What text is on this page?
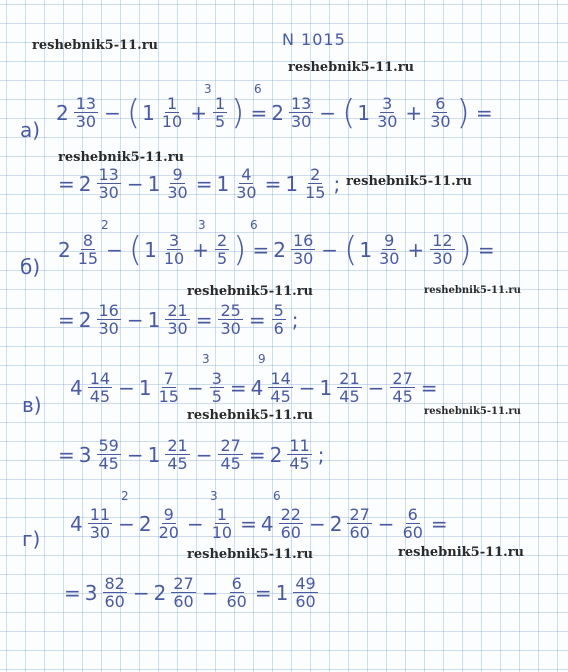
N 1015
reshebnik5-11.ru
reshebnik5-11.ru
reshebnik5-11.ru
reshebnik5-11.ru
reshebnik5-11.ru	reshebnik5-11.ru
reshebnik5-11.ru	reshebnik5-11.ru
reshebnik5-11.ru	reshebnik5-11.ru
а)
б)
в)
г)
3	6
2	3	6
3	9
2	3	6
$2 \frac{13}{30}$ − ( $1 \frac{1}{10} + \frac{1}{5}$ ) = $2 \frac{13}{30}$ − ( $1 \frac{3}{30} + \frac{6}{30}$ ) =
= $2 \frac{13}{30} - 1 \frac{9}{30} = 1 \frac{4}{30} = 1 \frac{2}{15}$ ;
$2 \frac{8}{15}$ − ( $1 \frac{3}{10} + \frac{2}{5}$ ) = $2 \frac{16}{30}$ − ( $1 \frac{9}{30} + \frac{12}{30}$ ) =
= $2 \frac{16}{30} - 1 \frac{21}{30} = \frac{25}{30} = \frac{5}{6}$ ;
$4 \frac{14}{45} - 1 \frac{7}{15} - \frac{3}{5} = 4 \frac{14}{45} - 1 \frac{21}{45} - \frac{27}{45}$ =
= $3 \frac{59}{45} - 1 \frac{21}{45} - \frac{27}{45} = 2 \frac{11}{45}$ ;
$4 \frac{11}{30} - 2 \frac{9}{20} - \frac{1}{10} = 4 \frac{22}{60} - 2 \frac{27}{60} - \frac{6}{60}$ =
= $3 \frac{82}{60} - 2 \frac{27}{60} - \frac{6}{60} = 1 \frac{49}{60}$
